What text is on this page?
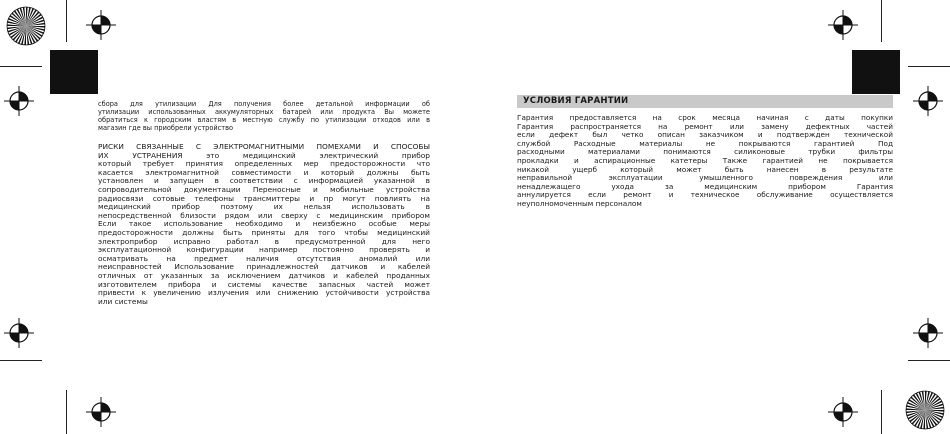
сбора для утилизации Для получения более детальной информации об
утилизации использованных аккумуляторных батарей или продукта Вы можете
обратиться к городским властям в местную службу по утилизации отходов или в
магазин где вы приобрели устройство

РИСКИ СВЯЗАННЫЕ С ЭЛЕКТРОМАГНИТНЫМИ ПОМЕХАМИ И СПОСОБЫ
ИХ УСТРАНЕНИЯ это медицинский электрический прибор
который требует принятия определенных мер предосторожности что
касается электромагнитной совместимости и который должны быть
установлен и запущен в соответствии с информацией указанной в
сопроводительной документации Переносные и мобильные устройства
радиосвязи сотовые телефоны трансмиттеры и пр могут повлиять на
медицинский прибор поэтому их нельзя использовать в
непосредственной близости рядом или сверху с медицинским прибором
Если такое использование необходимо и неизбежно особые меры
предосторожности должны быть приняты для того чтобы медицинский
электроприбор исправно работал в предусмотренной для него
эксплуатационной конфигурации например постоянно проверять и
осматривать на предмет наличия отсутствия аномалий или
неисправностей Использование принадлежностей датчиков и кабелей
отличных от указанных за исключением датчиков и кабелей проданных
изготовителем прибора и системы качестве запасных частей может
привести к увеличению излучения или снижению устойчивости устройства
или системы

УСЛОВИЯ ГАРАНТИИ

Гарантия предоставляется на срок месяца начиная с даты покупки
Гарантия распространяется на ремонт или замену дефектных частей
если дефект был четко описан заказчиком и подтвержден технической
службой Расходные материалы не покрываются гарантией Под
расходными материалами понимаются силиконовые трубки фильтры
прокладки и аспирационные катетеры Также гарантией не покрывается
никакой ущерб который может быть нанесен в результате
неправильной эксплуатации умышленного повреждения или
ненадлежащего ухода за медицинским прибором Гарантия
аннулируется если ремонт и техническое обслуживание осуществляется
неуполномоченным персоналом
